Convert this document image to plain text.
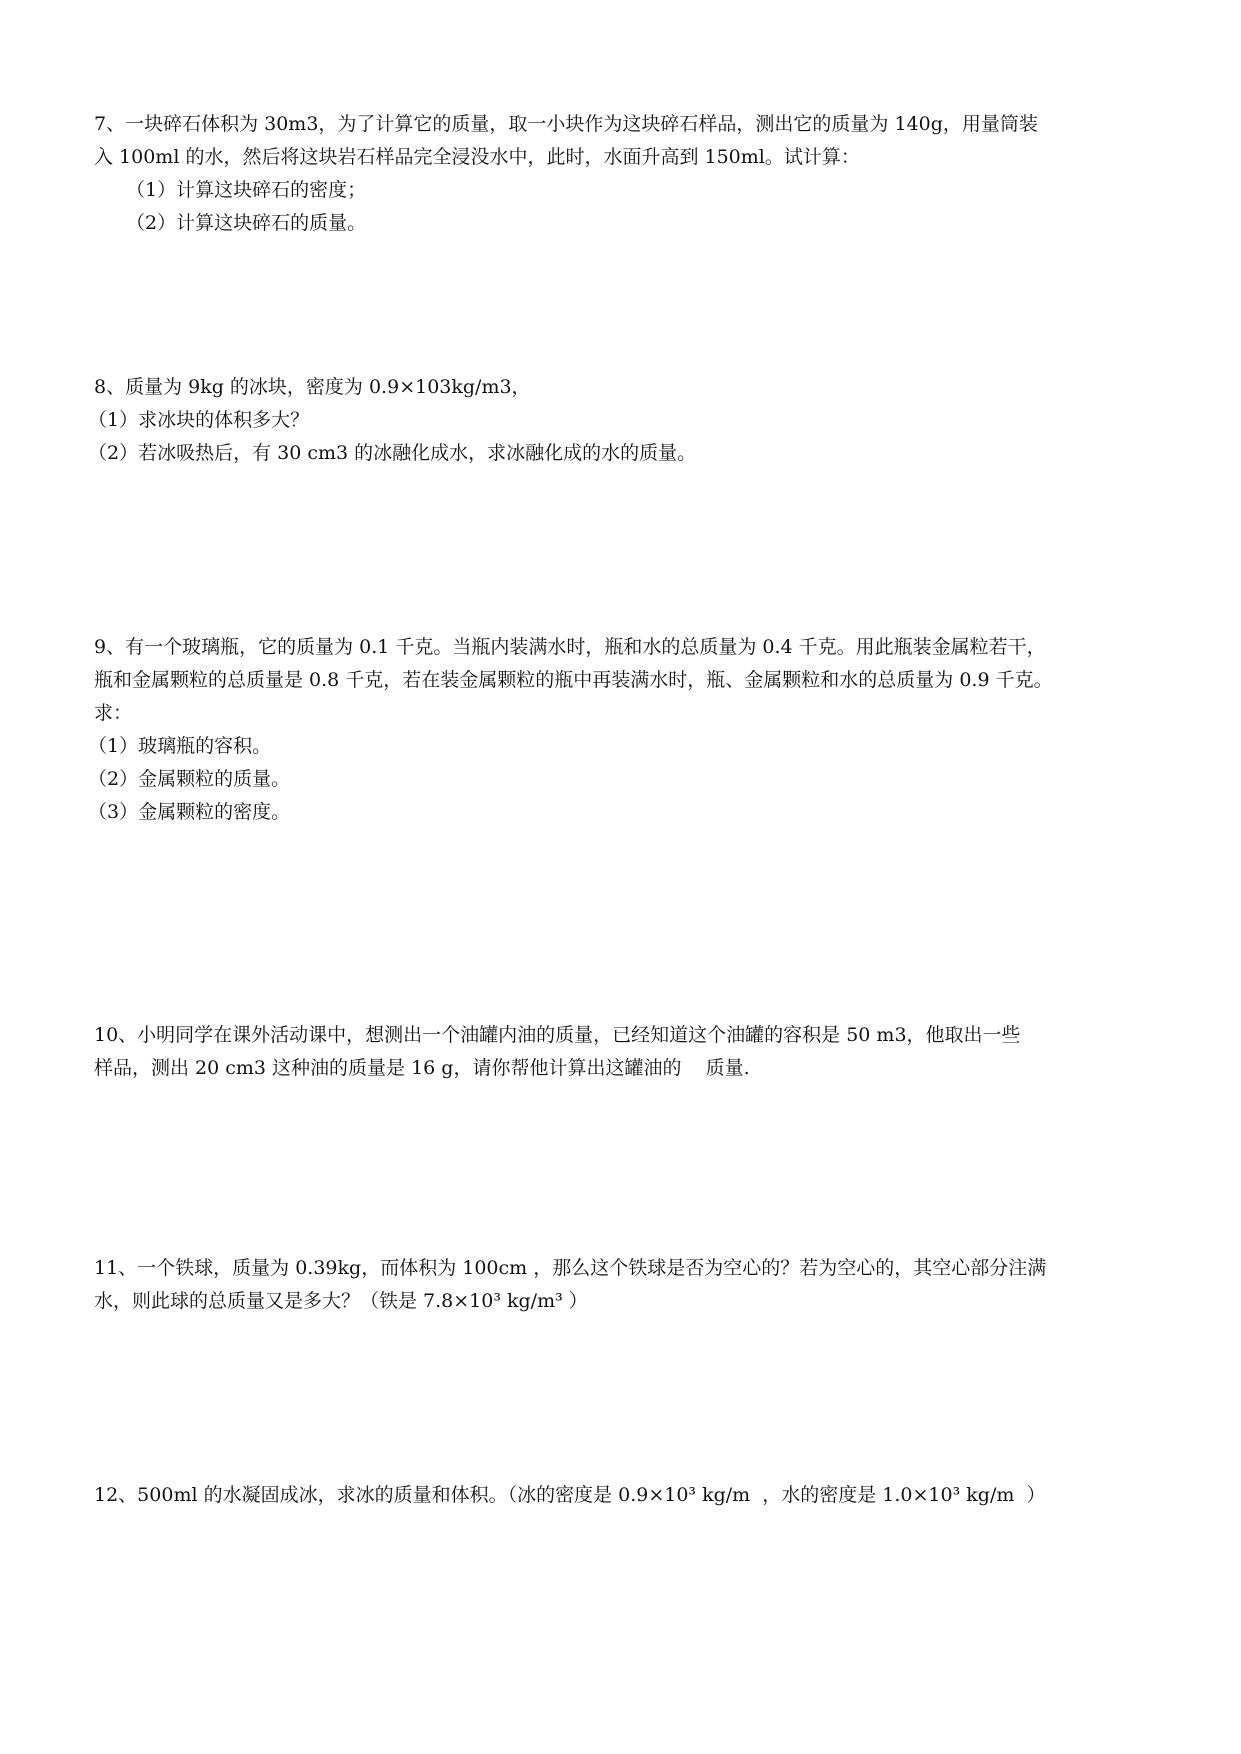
7、一块碎石体积为 30m3，为了计算它的质量，取一小块作为这块碎石样品，测出它的质量为 140g，用量筒装
入 100ml 的水，然后将这块岩石样品完全浸没水中，此时，水面升高到 150ml。试计算：
（1）计算这块碎石的密度；
（2）计算这块碎石的质量。
8、质量为 9kg 的冰块，密度为 0.9×103kg/m3，
（1）求冰块的体积多大？
（2）若冰吸热后，有 30 cm3 的冰融化成水，求冰融化成的水的质量。
9、有一个玻璃瓶，它的质量为 0.1 千克。当瓶内装满水时，瓶和水的总质量为 0.4 千克。用此瓶装金属粒若干，
瓶和金属颗粒的总质量是 0.8 千克，若在装金属颗粒的瓶中再装满水时，瓶、金属颗粒和水的总质量为 0.9 千克。
求：
（1）玻璃瓶的容积。
（2）金属颗粒的质量。
（3）金属颗粒的密度。
10、小明同学在课外活动课中，想测出一个油罐内油的质量，已经知道这个油罐的容积是 50 m3，他取出一些
样品，测出 20 cm3 这种油的质量是 16 g，请你帮他计算出这罐油的    质量.
11、一个铁球，质量为 0.39kg，而体积为 100cm ，那么这个铁球是否为空心的？若为空心的，其空心部分注满
水，则此球的总质量又是多大？（铁是 7.8×10³ kg/m³ ）
12、500ml 的水凝固成冰，求冰的质量和体积。（冰的密度是 0.9×10³ kg/m  ，水的密度是 1.0×10³ kg/m  ）
